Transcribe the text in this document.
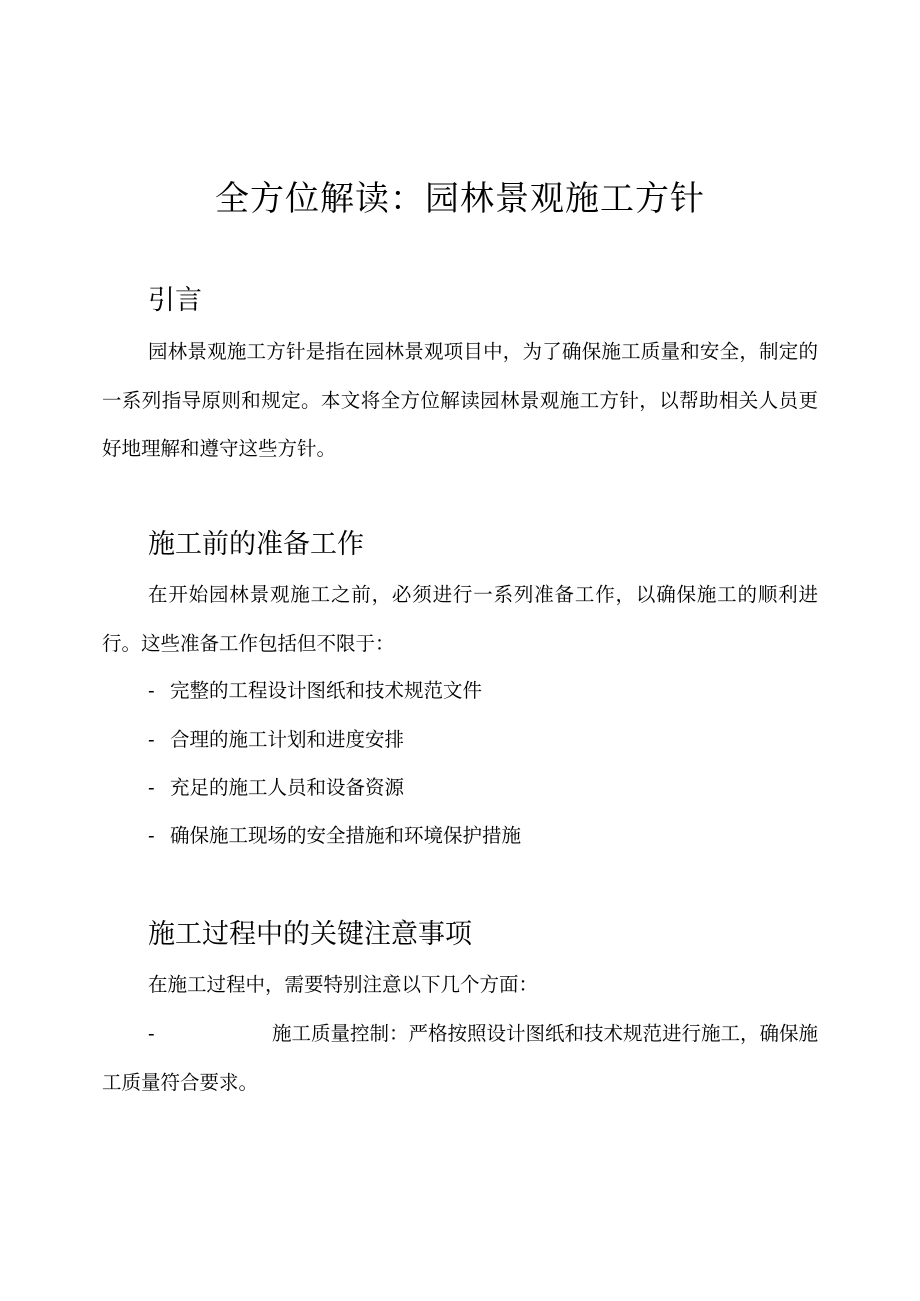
全方位解读：园林景观施工方针
引言
园林景观施工方针是指在园林景观项目中，为了确保施工质量和安全，制定的一系列指导原则和规定。本文将全方位解读园林景观施工方针，以帮助相关人员更好地理解和遵守这些方针。
施工前的准备工作
在开始园林景观施工之前，必须进行一系列准备工作，以确保施工的顺利进行。这些准备工作包括但不限于：
- 完整的工程设计图纸和技术规范文件
- 合理的施工计划和进度安排
- 充足的施工人员和设备资源
- 确保施工现场的安全措施和环境保护措施
施工过程中的关键注意事项
在施工过程中，需要特别注意以下几个方面：
-	施工质量控制：严格按照设计图纸和技术规范进行施工，确保施
工质量符合要求。
